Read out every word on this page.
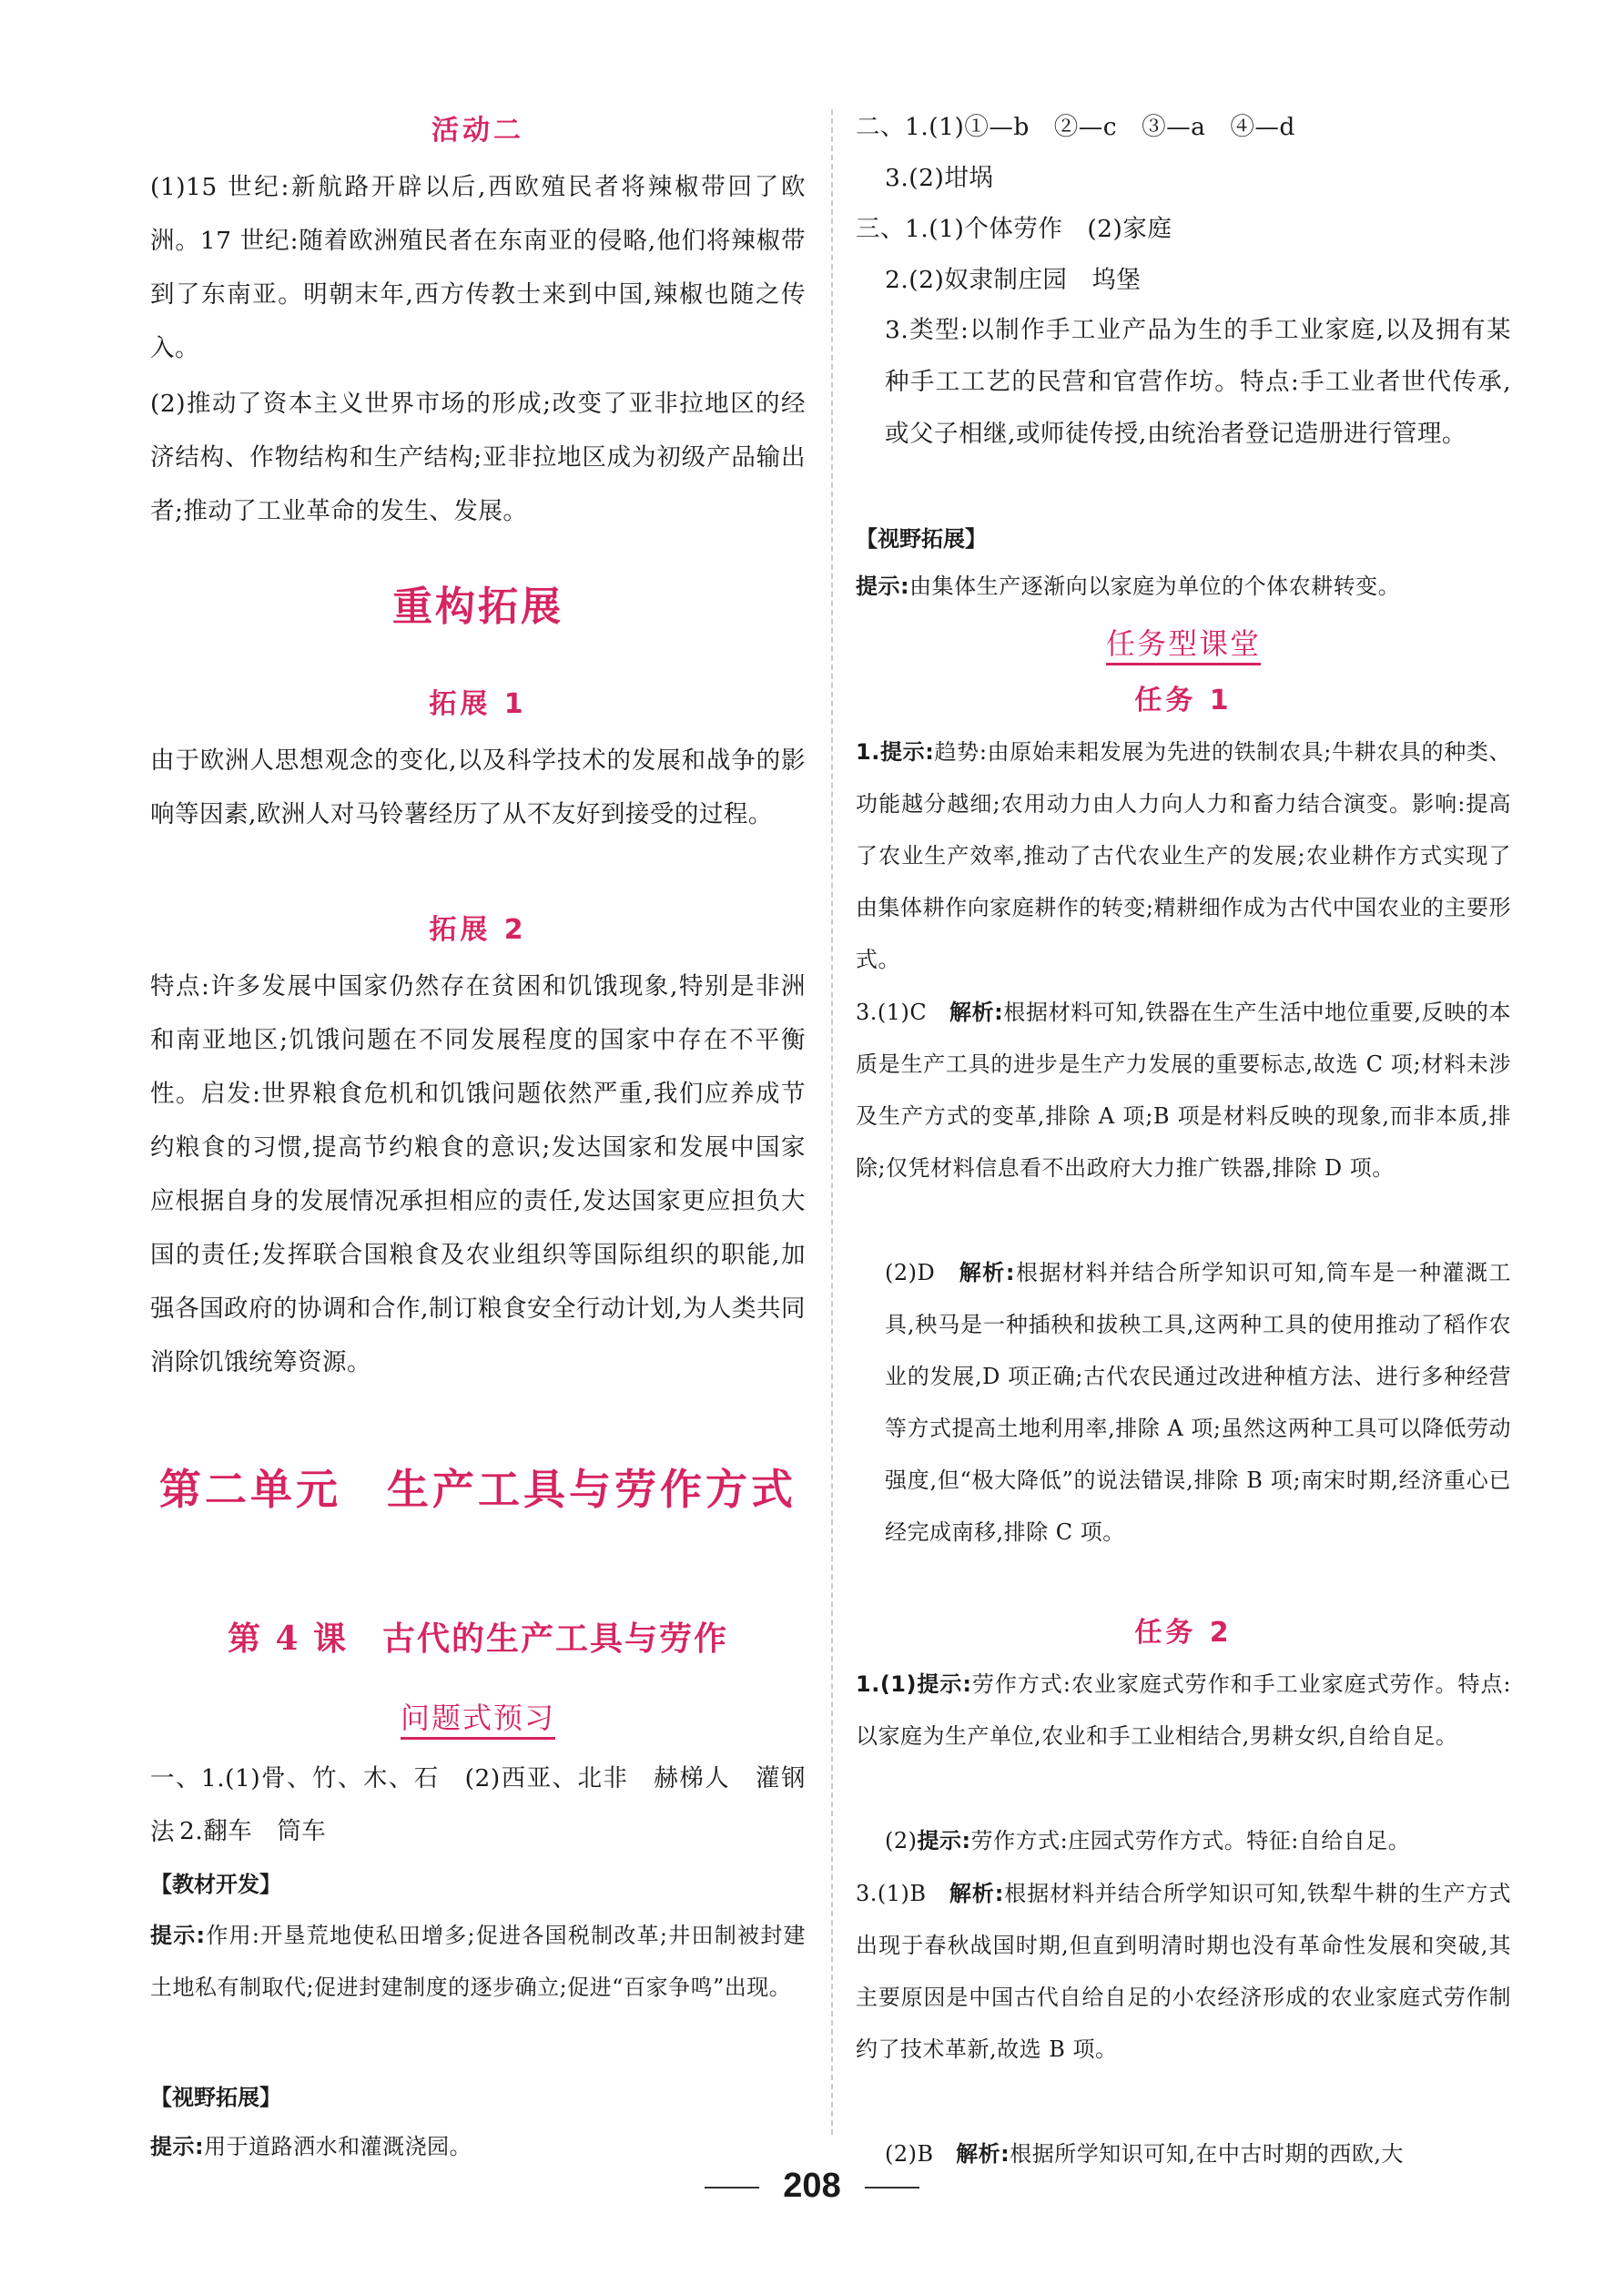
活动二
(1)15 世纪:新航路开辟以后,西欧殖民者将辣椒带回了欧洲。17 世纪:随着欧洲殖民者在东南亚的侵略,他们将辣椒带到了东南亚。明朝末年,西方传教士来到中国,辣椒也随之传入。
(2)推动了资本主义世界市场的形成;改变了亚非拉地区的经济结构、作物结构和生产结构;亚非拉地区成为初级产品输出者;推动了工业革命的发生、发展。
重构拓展
拓展 1
由于欧洲人思想观念的变化,以及科学技术的发展和战争的影响等因素,欧洲人对马铃薯经历了从不友好到接受的过程。
拓展 2
特点:许多发展中国家仍然存在贫困和饥饿现象,特别是非洲和南亚地区;饥饿问题在不同发展程度的国家中存在不平衡性。启发:世界粮食危机和饥饿问题依然严重,我们应养成节约粮食的习惯,提高节约粮食的意识;发达国家和发展中国家应根据自身的发展情况承担相应的责任,发达国家更应担负大国的责任;发挥联合国粮食及农业组织等国际组织的职能,加强各国政府的协调和合作,制订粮食安全行动计划,为人类共同消除饥饿统筹资源。
第二单元　生产工具与劳作方式
第 4 课　古代的生产工具与劳作
问题式预习
一、1.(1)骨、竹、木、石　(2)西亚、北非　赫梯人　灌钢法 2.翻车　筒车
【教材开发】
提示:作用:开垦荒地使私田增多;促进各国税制改革;井田制被封建土地私有制取代;促进封建制度的逐步确立;促进“百家争鸣”出现。
【视野拓展】
提示:用于道路洒水和灌溉浇园。
二、1.(1)①—b　②—c　③—a　④—d
3.(2)坩埚
三、1.(1)个体劳作　(2)家庭
2.(2)奴隶制庄园　坞堡
3.类型:以制作手工业产品为生的手工业家庭,以及拥有某种手工工艺的民营和官营作坊。特点:手工业者世代传承,或父子相继,或师徒传授,由统治者登记造册进行管理。
【视野拓展】
提示:由集体生产逐渐向以家庭为单位的个体农耕转变。
任务型课堂
任务 1
1.提示:趋势:由原始耒耜发展为先进的铁制农具;牛耕农具的种类、功能越分越细;农用动力由人力向人力和畜力结合演变。影响:提高了农业生产效率,推动了古代农业生产的发展;农业耕作方式实现了由集体耕作向家庭耕作的转变;精耕细作成为古代中国农业的主要形式。
3.(1)C　解析:根据材料可知,铁器在生产生活中地位重要,反映的本质是生产工具的进步是生产力发展的重要标志,故选 C 项;材料未涉及生产方式的变革,排除 A 项;B 项是材料反映的现象,而非本质,排除;仅凭材料信息看不出政府大力推广铁器,排除 D 项。
(2)D　解析:根据材料并结合所学知识可知,筒车是一种灌溉工具,秧马是一种插秧和拔秧工具,这两种工具的使用推动了稻作农业的发展,D 项正确;古代农民通过改进种植方法、进行多种经营等方式提高土地利用率,排除 A 项;虽然这两种工具可以降低劳动强度,但“极大降低”的说法错误,排除 B 项;南宋时期,经济重心已经完成南移,排除 C 项。
任务 2
1.(1)提示:劳作方式:农业家庭式劳作和手工业家庭式劳作。特点:以家庭为生产单位,农业和手工业相结合,男耕女织,自给自足。
(2)提示:劳作方式:庄园式劳作方式。特征:自给自足。
3.(1)B　解析:根据材料并结合所学知识可知,铁犁牛耕的生产方式出现于春秋战国时期,但直到明清时期也没有革命性发展和突破,其主要原因是中国古代自给自足的小农经济形成的农业家庭式劳作制约了技术革新,故选 B 项。
(2)B　解析:根据所学知识可知,在中古时期的西欧,大
208
